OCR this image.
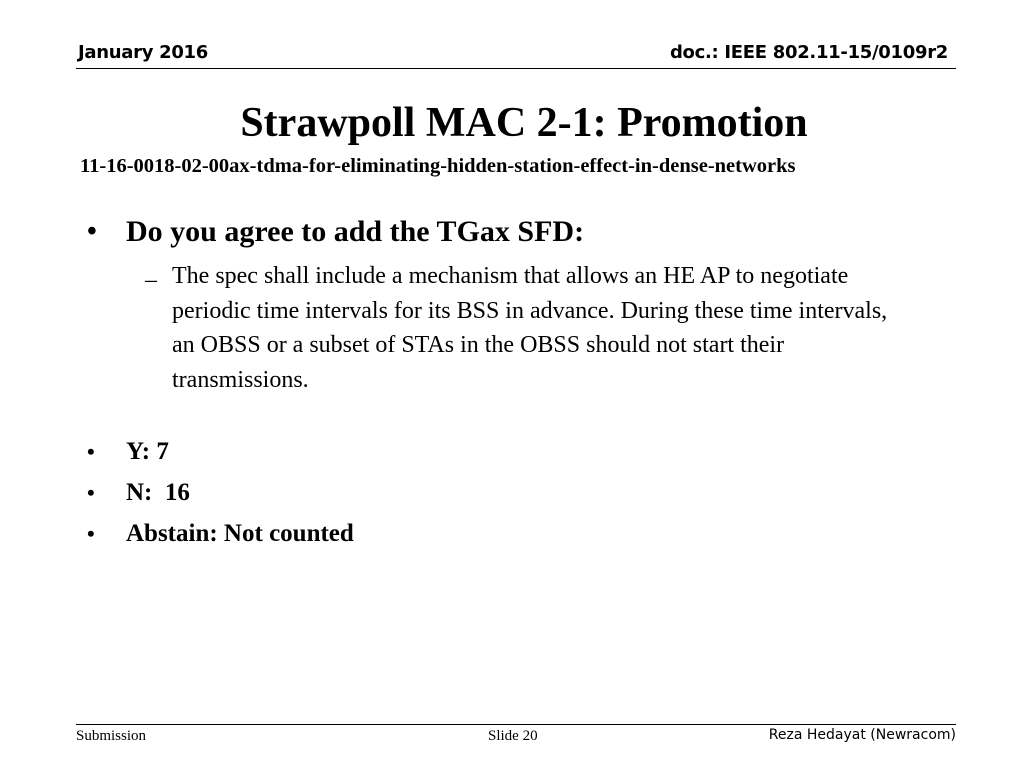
January 2016	doc.: IEEE 802.11-15/0109r2
Strawpoll MAC 2-1: Promotion
11-16-0018-02-00ax-tdma-for-eliminating-hidden-station-effect-in-dense-networks
• Do you agree to add the TGax SFD:
– The spec shall include a mechanism that allows an HE AP to negotiate periodic time intervals for its BSS in advance. During these time intervals, an OBSS or a subset of STAs in the OBSS should not start their transmissions.
• Y: 7
• N:  16
• Abstain: Not counted
Submission	Slide 20	Reza Hedayat (Newracom)
